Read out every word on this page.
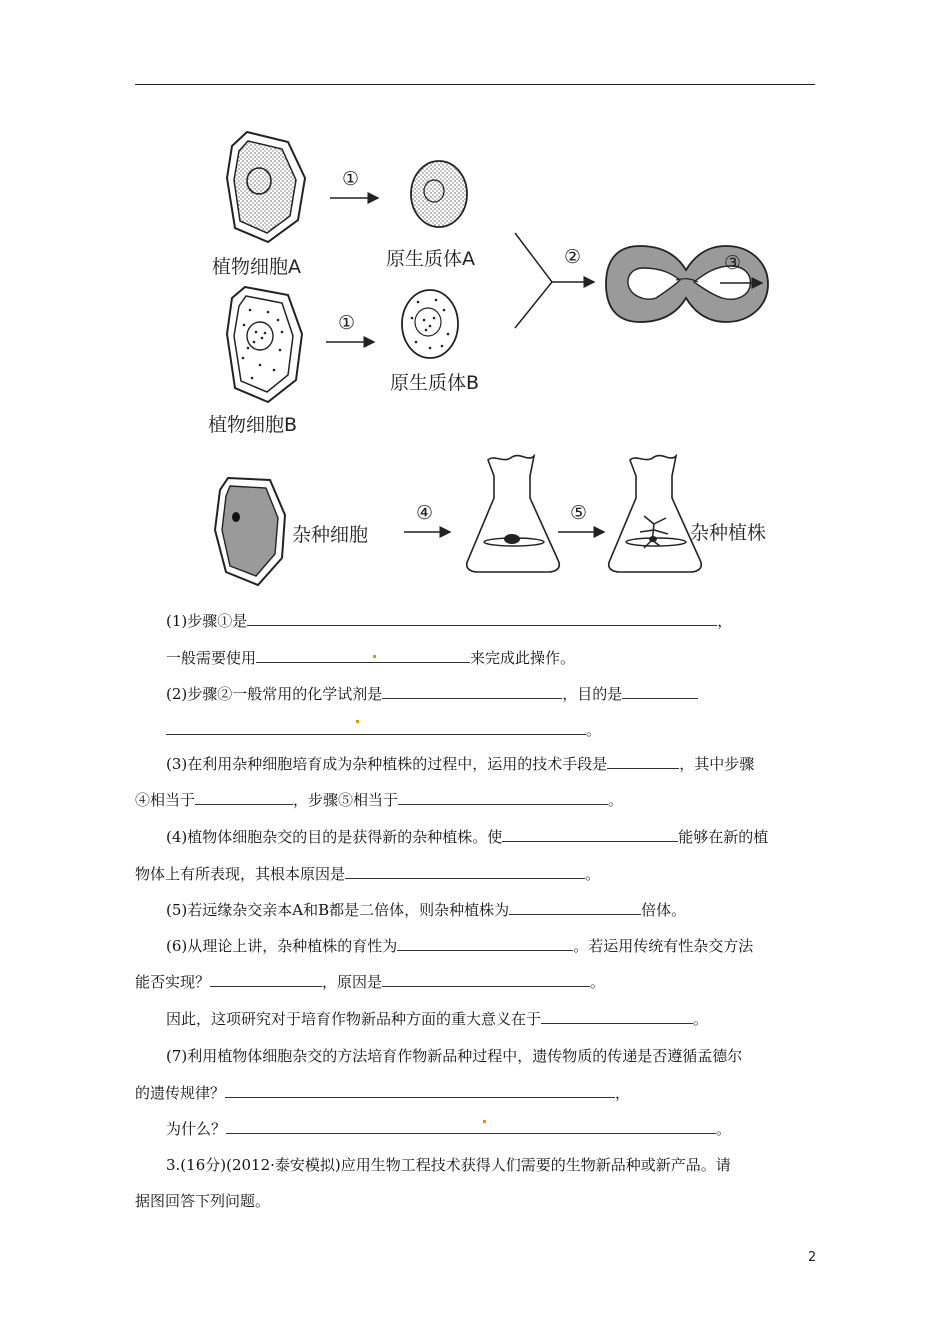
植物细胞A	原生质体A
植物细胞B
原生质体B
①
①
②	③
杂种细胞
④	⑤
杂种植株
(1)步骤①是	，
一般需要使用	来完成此操作。
(2)步骤②一般常用的化学试剂是	，目的是
。
(3)在利用杂种细胞培育成为杂种植株的过程中，运用的技术手段是	，其中步骤
④相当于	，步骤⑤相当于	。
(4)植物体细胞杂交的目的是获得新的杂种植株。使	能够在新的植
物体上有所表现，其根本原因是	。
(5)若远缘杂交亲本A和B都是二倍体，则杂种植株为	倍体。
(6)从理论上讲，杂种植株的育性为	。若运用传统有性杂交方法
能否实现？	，原因是	。
因此，这项研究对于培育作物新品种方面的重大意义在于	。
(7)利用植物体细胞杂交的方法培育作物新品种过程中，遗传物质的传递是否遵循孟德尔
的遗传规律？	，
为什么？	。
3.(16分)(2012·泰安模拟)应用生物工程技术获得人们需要的生物新品种或新产品。请
据图回答下列问题。
2
